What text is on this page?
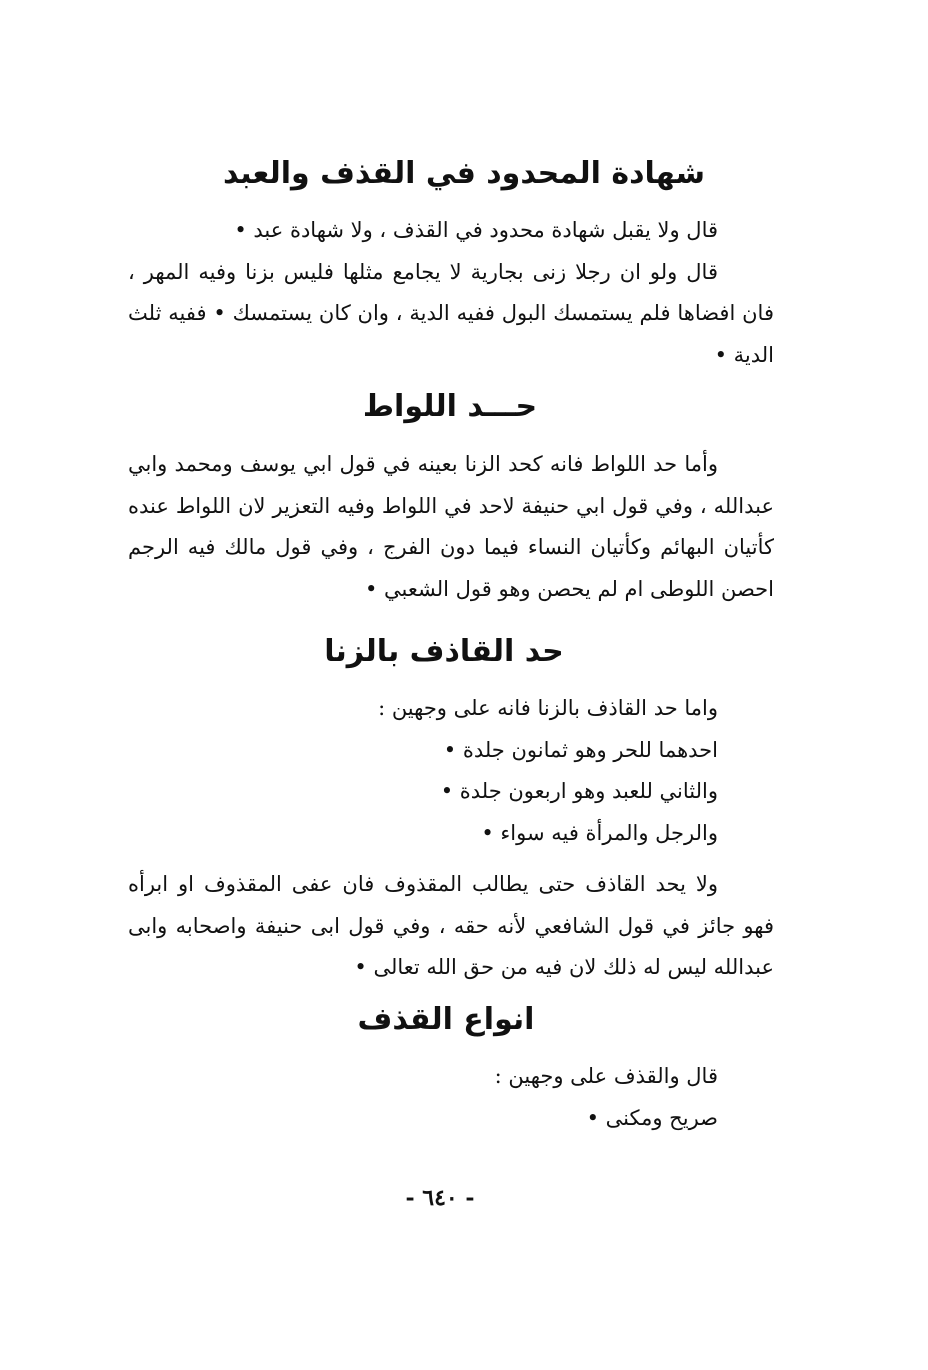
شهادة المحدود في القذف والعبد

قال ولا يقبل شهادة محدود في القذف ، ولا شهادة عبد •

قال ولو ان رجلا زنى بجارية لا يجامع مثلها فليس بزنا وفيه المهر ، فان افضاها فلم يستمسك البول ففيه الدية ، وان كان يستمسك • ففيه ثلث الدية •

حـــد اللواط

وأما حد اللواط فانه كحد الزنا بعينه في قول ابي يوسف ومحمد وابي عبدالله ، وفي قول ابي حنيفة لاحد في اللواط وفيه التعزير لان اللواط عنده كأتيان البهائم وكأتيان النساء فيما دون الفرج ، وفي قول مالك فيه الرجم احصن اللوطى ام لم يحصن وهو قول الشعبي •

حد القاذف بالزنا

واما حد القاذف بالزنا فانه على وجهين :

احدهما للحر وهو ثمانون جلدة •

والثاني للعبد وهو اربعون جلدة •

والرجل والمرأة فيه سواء •

ولا يحد القاذف حتى يطالب المقذوف فان عفى المقذوف او ابرأه فهو جائز في قول الشافعي لأنه حقه ، وفي قول ابى حنيفة واصحابه وابى عبدالله ليس له ذلك لان فيه من حق الله تعالى •

انواع القذف

قال والقذف على وجهين :

صريح ومكنى •

- ٦٤٠ -
